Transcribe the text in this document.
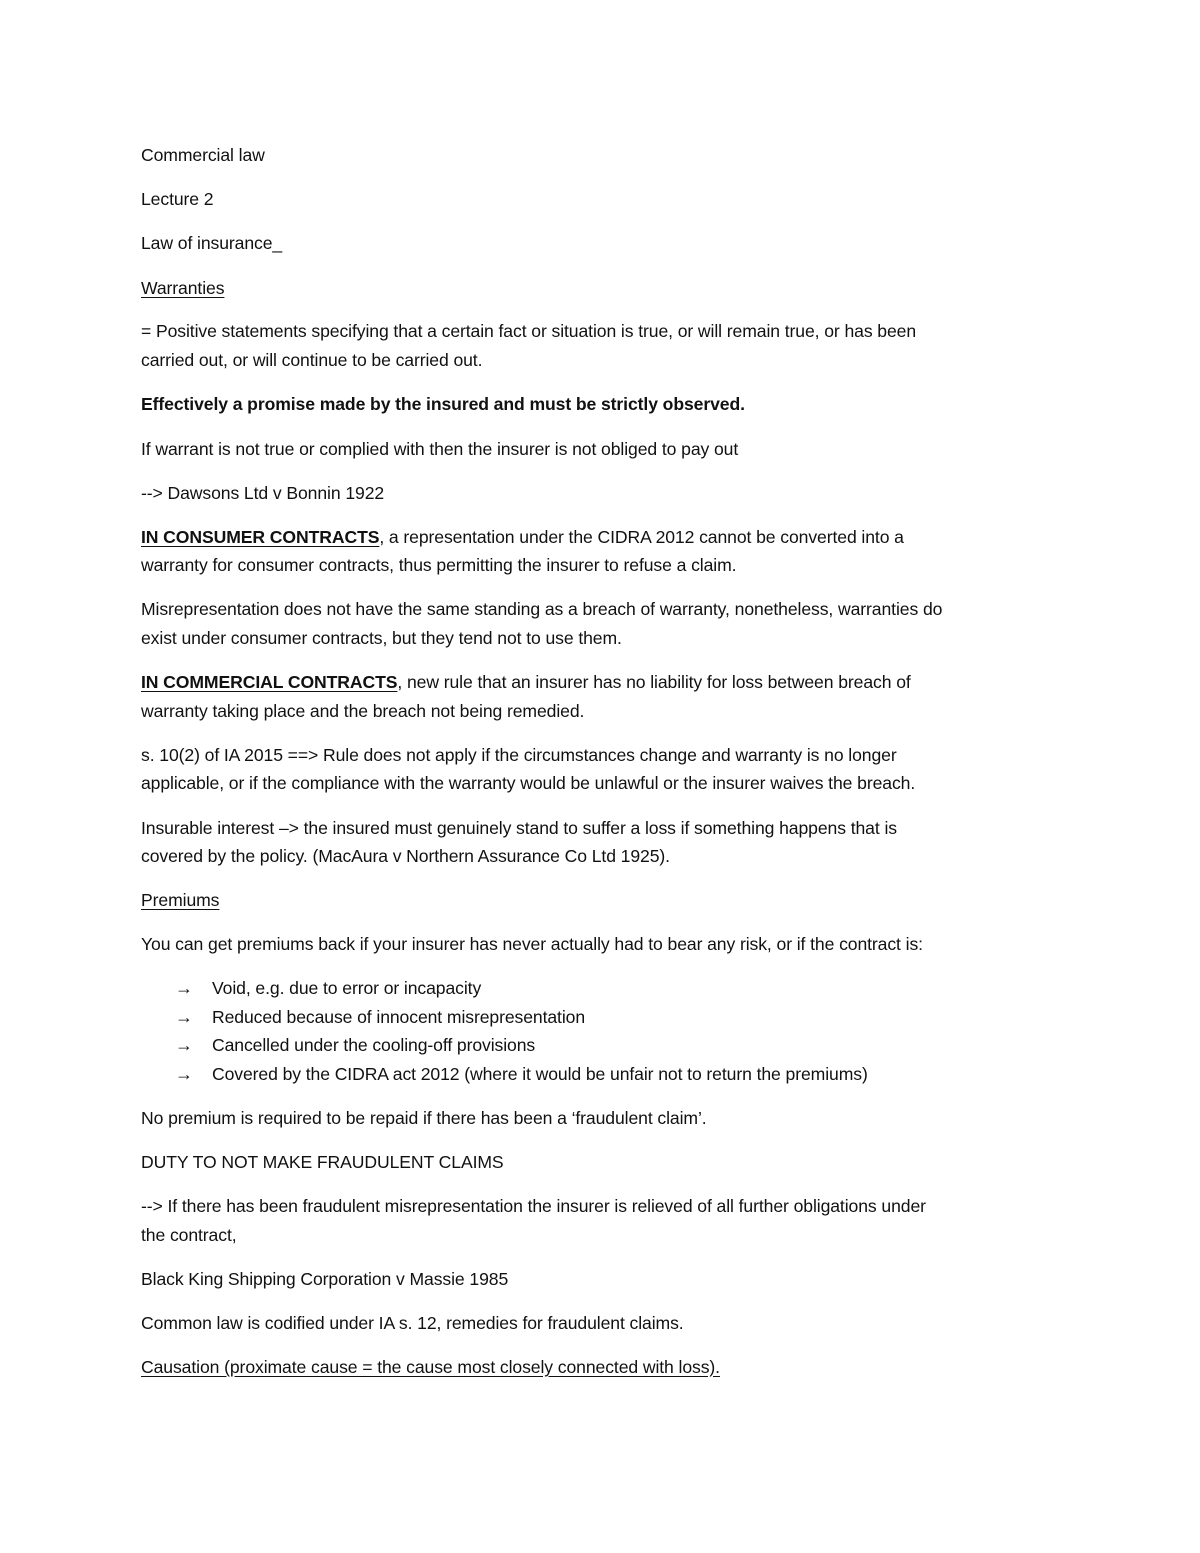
Commercial law
Lecture 2
Law of insurance_
Warranties
= Positive statements specifying that a certain fact or situation is true, or will remain true, or has been
carried out, or will continue to be carried out.
Effectively a promise made by the insured and must be strictly observed.
If warrant is not true or complied with then the insurer is not obliged to pay out
--> Dawsons Ltd v Bonnin 1922
IN CONSUMER CONTRACTS, a representation under the CIDRA 2012 cannot be converted into a
warranty for consumer contracts, thus permitting the insurer to refuse a claim.
Misrepresentation does not have the same standing as a breach of warranty, nonetheless, warranties do
exist under consumer contracts, but they tend not to use them.
IN COMMERCIAL CONTRACTS, new rule that an insurer has no liability for loss between breach of
warranty taking place and the breach not being remedied.
s. 10(2) of IA 2015 ==> Rule does not apply if the circumstances change and warranty is no longer
applicable, or if the compliance with the warranty would be unlawful or the insurer waives the breach.
Insurable interest –> the insured must genuinely stand to suffer a loss if something happens that is
covered by the policy. (MacAura v Northern Assurance Co Ltd 1925).
Premiums
You can get premiums back if your insurer has never actually had to bear any risk, or if the contract is:
→ Void, e.g. due to error or incapacity
→ Reduced because of innocent misrepresentation
→ Cancelled under the cooling-off provisions
→ Covered by the CIDRA act 2012 (where it would be unfair not to return the premiums)
No premium is required to be repaid if there has been a ‘fraudulent claim’.
DUTY TO NOT MAKE FRAUDULENT CLAIMS
--> If there has been fraudulent misrepresentation the insurer is relieved of all further obligations under
the contract,
Black King Shipping Corporation v Massie 1985
Common law is codified under IA s. 12, remedies for fraudulent claims.
Causation (proximate cause = the cause most closely connected with loss).
